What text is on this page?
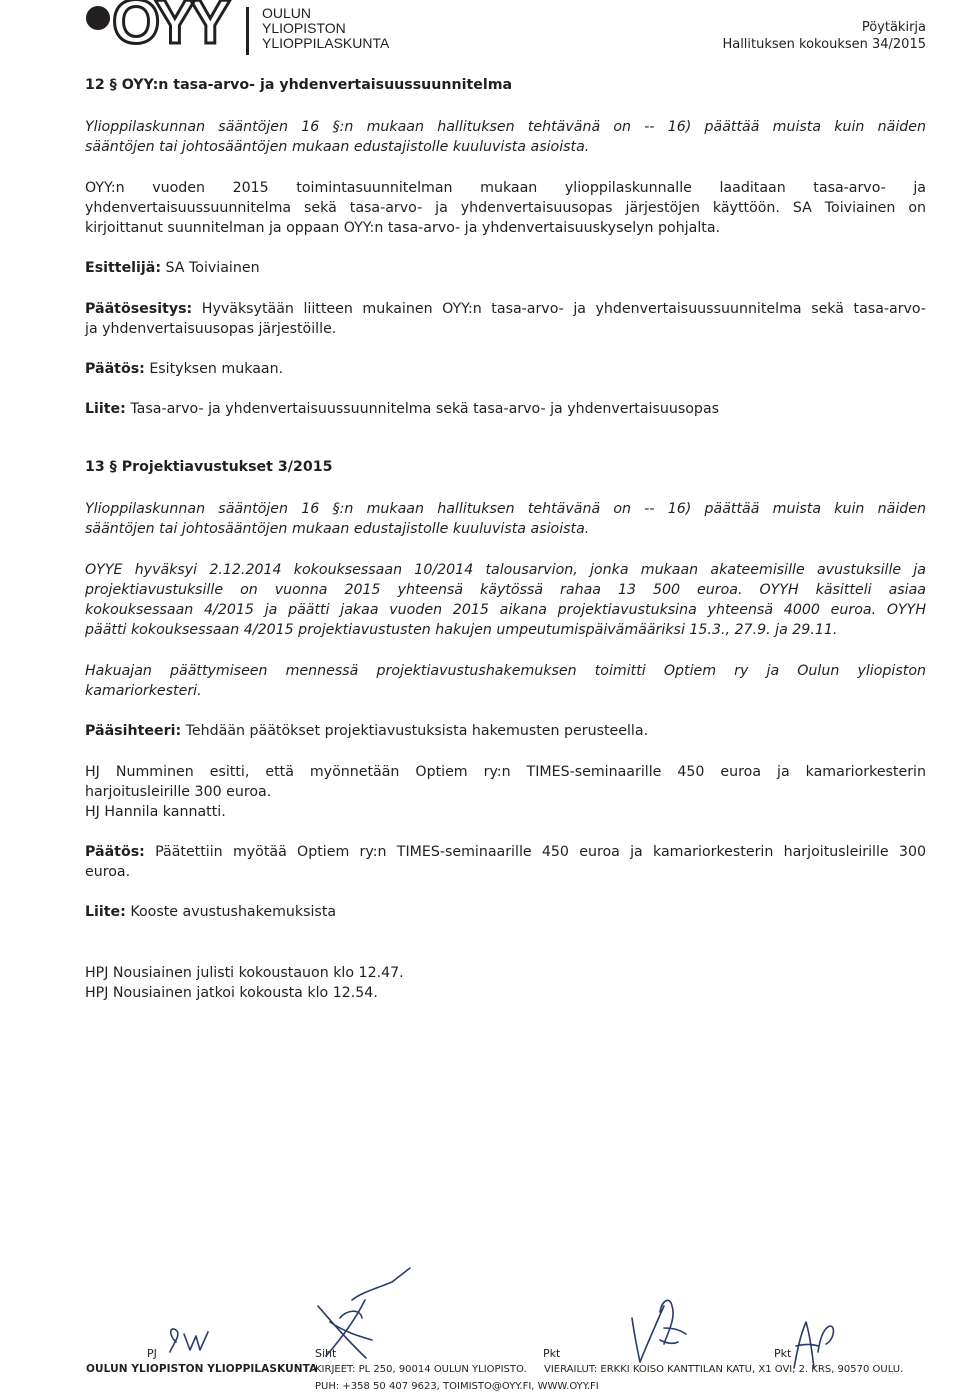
OYY	OULUN
YLIOPISTON
YLIOPPILASKUNTA
Pöytäkirja
Hallituksen kokouksen 34/2015
12 § OYY:n tasa-arvo- ja yhdenvertaisuussuunnitelma
Ylioppilaskunnan sääntöjen 16 §:n mukaan hallituksen tehtävänä on -- 16) päättää muista kuin näiden
sääntöjen tai johtosääntöjen mukaan edustajistolle kuuluvista asioista.
OYY:n vuoden 2015 toimintasuunnitelman mukaan ylioppilaskunnalle laaditaan tasa-arvo- ja
yhdenvertaisuussuunnitelma sekä tasa-arvo- ja yhdenvertaisuusopas järjestöjen käyttöön. SA Toiviainen on
kirjoittanut suunnitelman ja oppaan OYY:n tasa-arvo- ja yhdenvertaisuuskyselyn pohjalta.
Esittelijä: SA Toiviainen
Päätösesitys: Hyväksytään liitteen mukainen OYY:n tasa-arvo- ja yhdenvertaisuussuunnitelma sekä tasa-arvo-
ja yhdenvertaisuusopas järjestöille.
Päätös: Esityksen mukaan.
Liite: Tasa-arvo- ja yhdenvertaisuussuunnitelma sekä tasa-arvo- ja yhdenvertaisuusopas
13 § Projektiavustukset 3/2015
Ylioppilaskunnan sääntöjen 16 §:n mukaan hallituksen tehtävänä on -- 16) päättää muista kuin näiden
sääntöjen tai johtosääntöjen mukaan edustajistolle kuuluvista asioista.
OYYE hyväksyi 2.12.2014 kokouksessaan 10/2014 talousarvion, jonka mukaan akateemisille avustuksille ja
projektiavustuksille on vuonna 2015 yhteensä käytössä rahaa 13 500 euroa. OYYH käsitteli asiaa
kokouksessaan 4/2015 ja päätti jakaa vuoden 2015 aikana projektiavustuksina yhteensä 4000 euroa. OYYH
päätti kokouksessaan 4/2015 projektiavustusten hakujen umpeutumispäivämääriksi 15.3., 27.9. ja 29.11.
Hakuajan päättymiseen mennessä projektiavustushakemuksen toimitti Optiem ry ja Oulun yliopiston
kamariorkesteri.
Pääsihteeri: Tehdään päätökset projektiavustuksista hakemusten perusteella.
HJ Numminen esitti, että myönnetään Optiem ry:n TIMES-seminaarille 450 euroa ja kamariorkesterin
harjoitusleirille 300 euroa.
HJ Hannila kannatti.
Päätös: Päätettiin myötää Optiem ry:n TIMES-seminaarille 450 euroa ja kamariorkesterin harjoitusleirille 300
euroa.
Liite: Kooste avustushakemuksista
HPJ Nousiainen julisti kokoustauon klo 12.47.
HPJ Nousiainen jatkoi kokousta klo 12.54.
PJ	Siht	Pkt	Pkt
OULUN YLIOPISTON YLIOPPILASKUNTA
KIRJEET: PL 250, 90014 OULUN YLIOPISTO. VIERAILUT: ERKKI KOISO KANTTILAN KATU, X1 OVI, 2. KRS, 90570 OULU.
PUH: +358 50 407 9623, TOIMISTO@OYY.FI, WWW.OYY.FI
